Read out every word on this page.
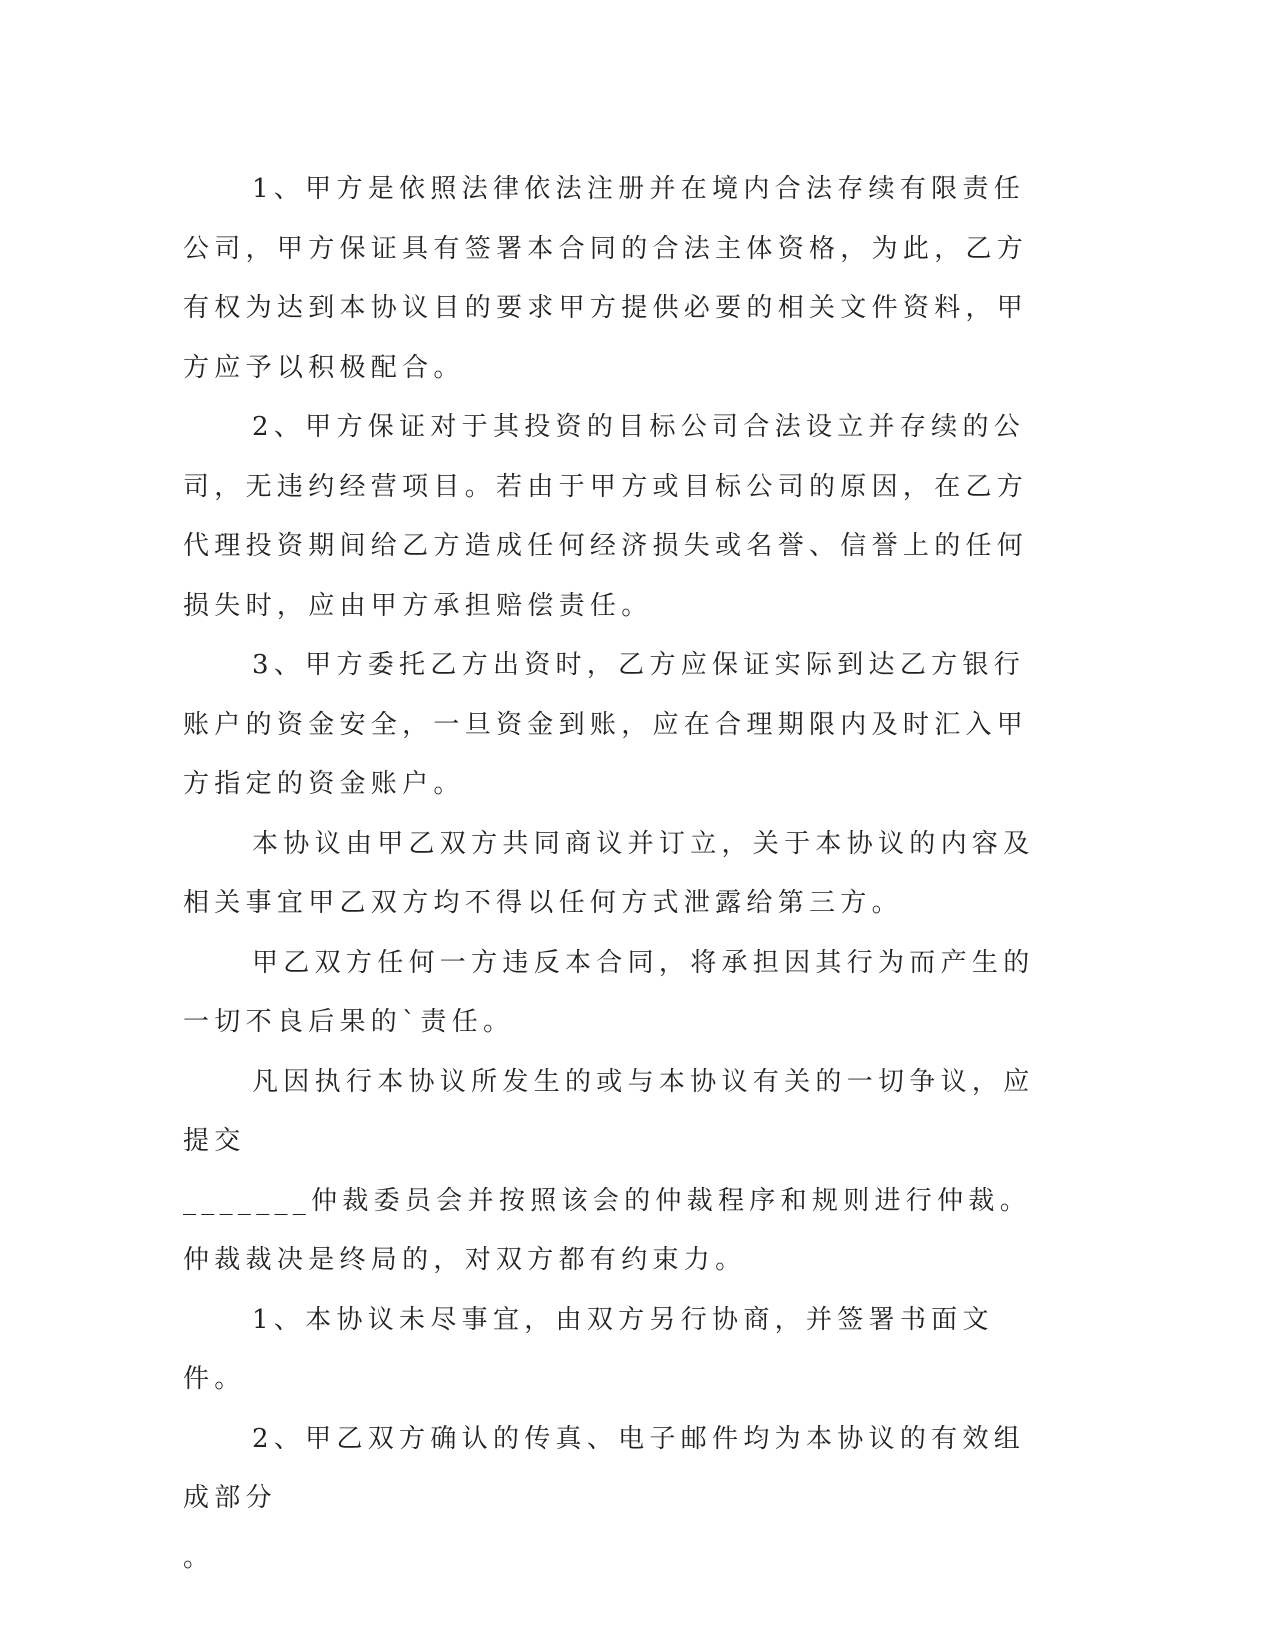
1、甲方是依照法律依法注册并在境内合法存续有限责任公司，甲方保证具有签署本合同的合法主体资格，为此，乙方有权为达到本协议目的要求甲方提供必要的相关文件资料，甲方应予以积极配合。

2、甲方保证对于其投资的目标公司合法设立并存续的公司，无违约经营项目。若由于甲方或目标公司的原因，在乙方代理投资期间给乙方造成任何经济损失或名誉、信誉上的任何损失时，应由甲方承担赔偿责任。

3、甲方委托乙方出资时，乙方应保证实际到达乙方银行账户的资金安全，一旦资金到账，应在合理期限内及时汇入甲方指定的资金账户。

本协议由甲乙双方共同商议并订立，关于本协议的内容及相关事宜甲乙双方均不得以任何方式泄露给第三方。

甲乙双方任何一方违反本合同，将承担因其行为而产生的一切不良后果的`责任。

凡因执行本协议所发生的或与本协议有关的一切争议，应提交

_______仲裁委员会并按照该会的仲裁程序和规则进行仲裁。仲裁裁决是终局的，对双方都有约束力。

1、本协议未尽事宜，由双方另行协商，并签署书面文件。

2、甲乙双方确认的传真、电子邮件均为本协议的有效组成部分

。
